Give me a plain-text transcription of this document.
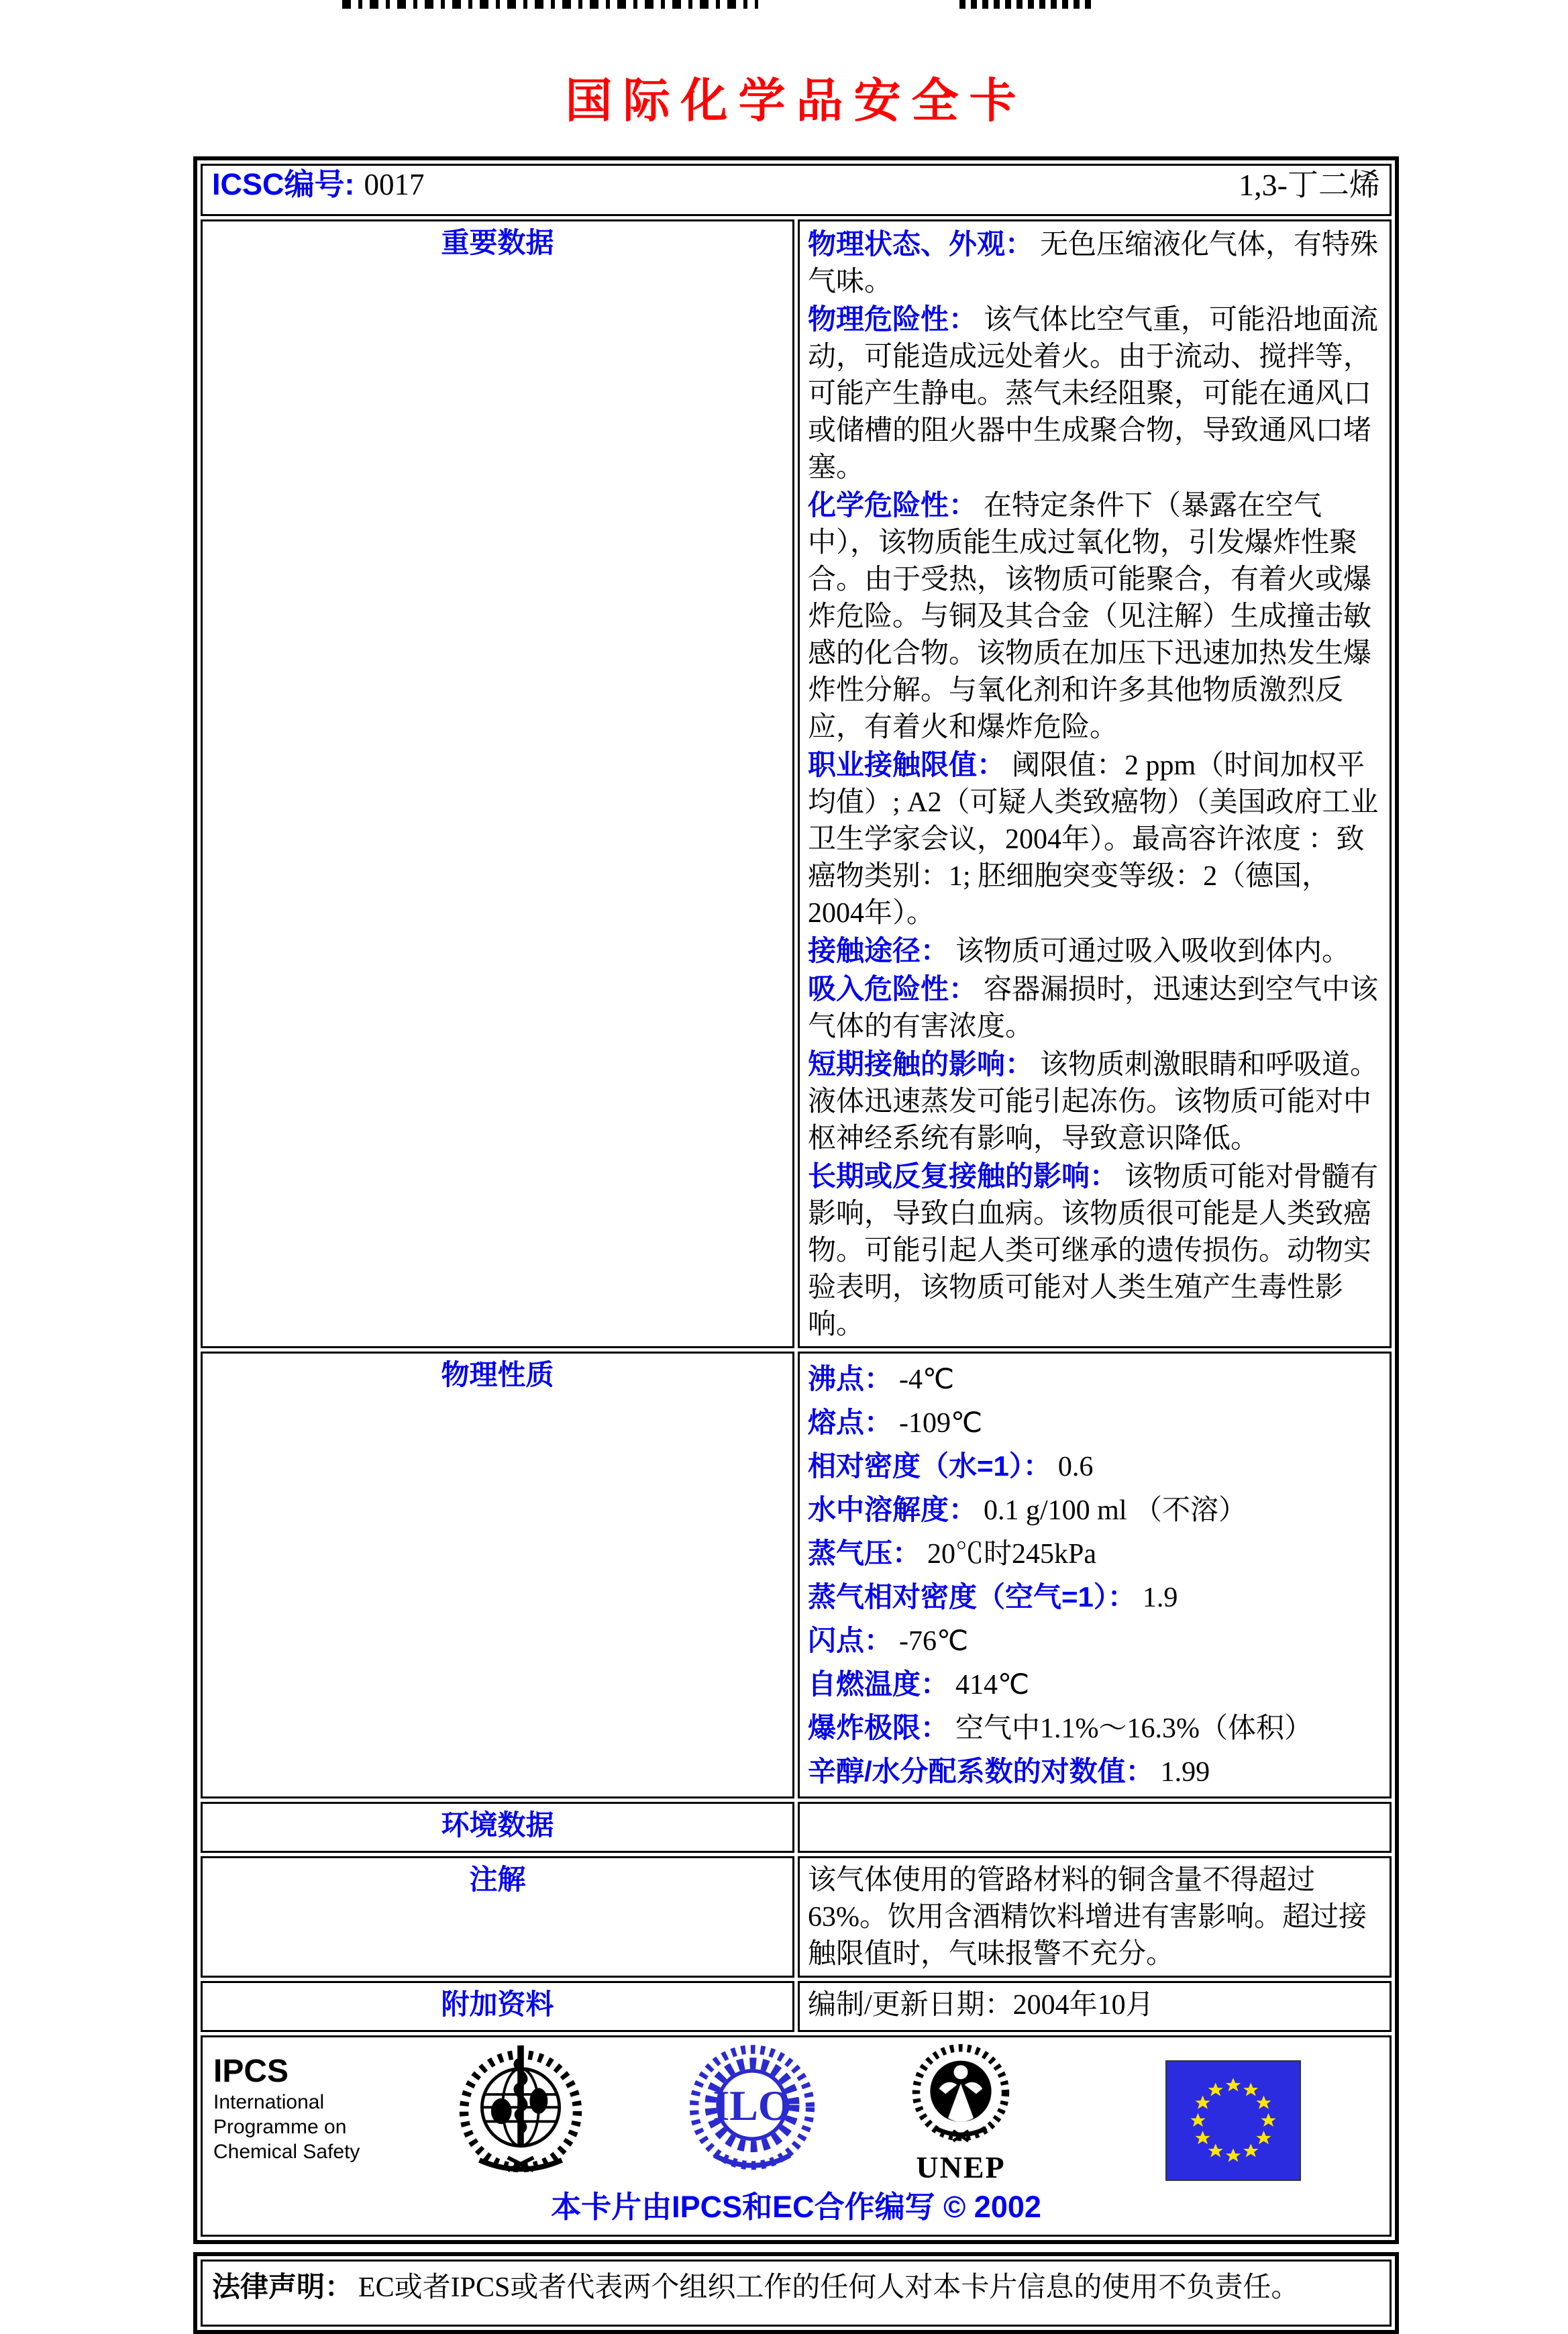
国际化学品安全卡
ICSC编号: 0017 1,3-丁二烯	

重要数据	物理状态、外观： 无色压缩液化气体，有特殊气味。
物理危险性： 该气体比空气重，可能沿地面流动，可能造成远处着火。由于流动、搅拌等，可能产生静电。蒸气未经阻聚，可能在通风口或储槽的阻火器中生成聚合物，导致通风口堵塞。
化学危险性： 在特定条件下（暴露在空气中），该物质能生成过氧化物，引发爆炸性聚合。由于受热，该物质可能聚合，有着火或爆炸危险。与铜及其合金（见注解）生成撞击敏感的化合物。该物质在加压下迅速加热发生爆炸性分解。与氧化剂和许多其他物质激烈反应，有着火和爆炸危险。
职业接触限值： 阈限值：2 ppm（时间加权平均值）; A2（可疑人类致癌物）（美国政府工业卫生学家会议，2004年）。最高容许浓度 ：致癌物类别：1; 胚细胞突变等级：2（德国，2004年）。
接触途径： 该物质可通过吸入吸收到体内。
吸入危险性： 容器漏损时，迅速达到空气中该气体的有害浓度。
短期接触的影响： 该物质刺激眼睛和呼吸道。液体迅速蒸发可能引起冻伤。该物质可能对中枢神经系统有影响，导致意识降低。
长期或反复接触的影响： 该物质可能对骨髓有影响，导致白血病。该物质很可能是人类致癌物。可能引起人类可继承的遗传损伤。动物实验表明，该物质可能对人类生殖产生毒性影响。

物理性质	沸点： -4℃
熔点： -109℃
相对密度（水=1）： 0.6
水中溶解度： 0.1 g/100 ml （不溶）
蒸气压： 20℃时245kPa
蒸气相对密度（空气=1）： 1.9
闪点： -76℃
自燃温度： 414℃
爆炸极限： 空气中1.1%～16.3%（体积）
辛醇/水分配系数的对数值： 1.99

环境数据	
注解	该气体使用的管路材料的铜含量不得超过63%。饮用含酒精饮料增进有害影响。超过接触限值时，气味报警不充分。
附加资料	编制/更新日期：2004年10月

IPCS
International
Programme on
Chemical Safety
ILO
UNEP
本卡片由IPCS和EC合作编写 © 2002
法律声明： EC或者IPCS或者代表两个组织工作的任何人对本卡片信息的使用不负责任。
